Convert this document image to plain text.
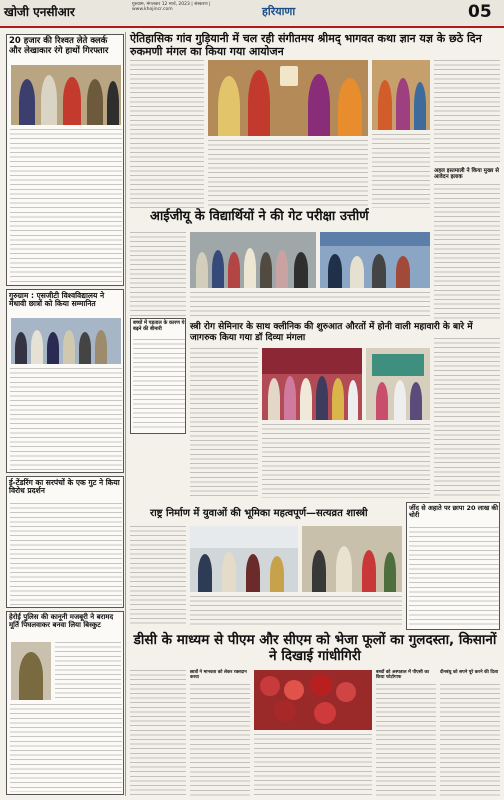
खोजी एनसीआर
गुरुग्राम, मंगलवार 12 मार्च, 2023 | संस्करण | www.khojincr.com	हरियाणा	05
20 हजार की रिश्वत लेते क्लर्क और लेखाकार रंगे हाथों गिरफ्तार
गुरुग्राम : एसजीटी विश्वविद्यालय ने मेधावी छात्रों को किया सम्मानित
ई-टेंडरिंग का सरपंचों के एक गुट ने किया विरोध प्रदर्शन
हेरोई पुलिस की कानूनी मजबूरी ने बरामद मूर्ति पिघलवाकर बनवा लिया बिस्कुट
ऐतिहासिक गांव गुड़ियानी में चल रही संगीतमय श्रीमद् भागवत कथा ज्ञान यज्ञ के छठे दिन रुकमणी मंगल का किया गया आयोजन
अहल इस्तमाली ने किया मुख्य से आवेदन इलाक
आईजीयू के विद्यार्थियों ने की गेट परीक्षा उत्तीर्ण
बच्चों में पड़ताल के कारण ये बढ़ने की बीमारी	स्त्री रोग सेमिनार के साथ क्लीनिक की शुरुआत औरतों में होनी वाली महावारी के बारे में जागरुक किया गया डॉ दिव्या मंगला
राष्ट्र निर्माण में युवाओं की भूमिका महत्वपूर्ण—सत्यव्रत शास्त्री	जींद से अहाते पर छापा 20 लाख की चोरी
डीसी के माध्यम से पीएम और सीएम को भेजा फूलों का गुलदस्ता, किसानों ने दिखाई गांधीगिरी
छात्रों ने मानवता को लेकर रक्तदान करवा
बच्चों को अस्पताल में पीएसी का किया फोटोगाफ
दीनबंधु को सपने पूरे करने की दिशा
